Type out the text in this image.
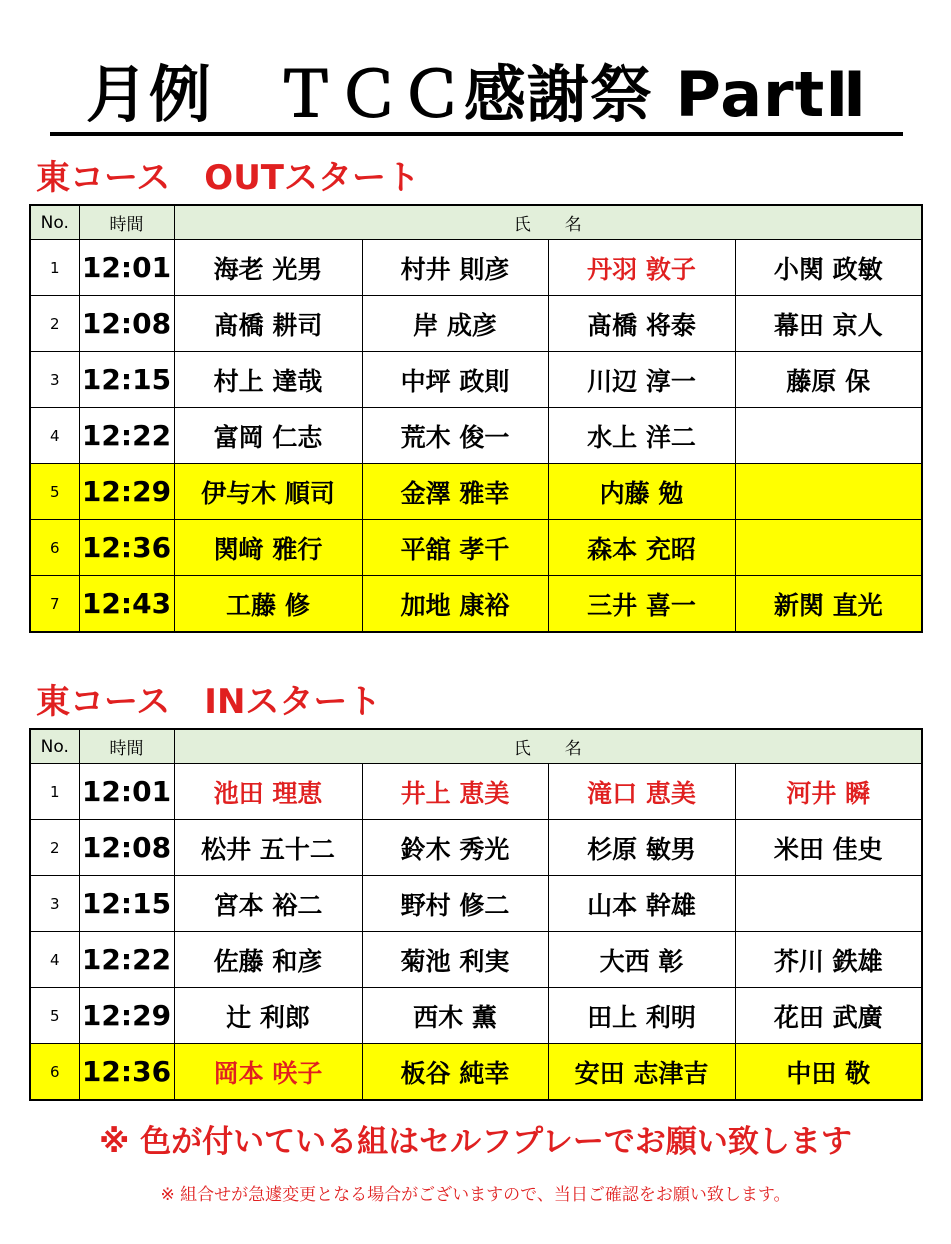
月例　ＴＣＣ感謝祭 PartⅡ
東コース　OUTスタート
No.	時間	氏　　名			
1	12:01	海老 光男	村井 則彦	丹羽 敦子	小関 政敏
2	12:08	髙橋 耕司	岸 成彦	髙橋 将泰	幕田 京人
3	12:15	村上 達哉	中坪 政則	川辺 淳一	藤原 保
4	12:22	富岡 仁志	荒木 俊一	水上 洋二	
5	12:29	伊与木 順司	金澤 雅幸	内藤 勉	
6	12:36	関﨑 雅行	平舘 孝千	森本 充昭	
7	12:43	工藤 修	加地 康裕	三井 喜一	新関 直光
東コース　INスタート
No.	時間	氏　　名			
1	12:01	池田 理恵	井上 恵美	滝口 恵美	河井 瞬
2	12:08	松井 五十二	鈴木 秀光	杉原 敏男	米田 佳史
3	12:15	宮本 裕二	野村 修二	山本 幹雄	
4	12:22	佐藤 和彦	菊池 利実	大西 彰	芥川 鉄雄
5	12:29	辻 利郎	西木 薫	田上 利明	花田 武廣
6	12:36	岡本 咲子	板谷 純幸	安田 志津吉	中田 敬
※ 色が付いている組はセルフプレーでお願い致します
※ 組合せが急遽変更となる場合がございますので、当日ご確認をお願い致します。
